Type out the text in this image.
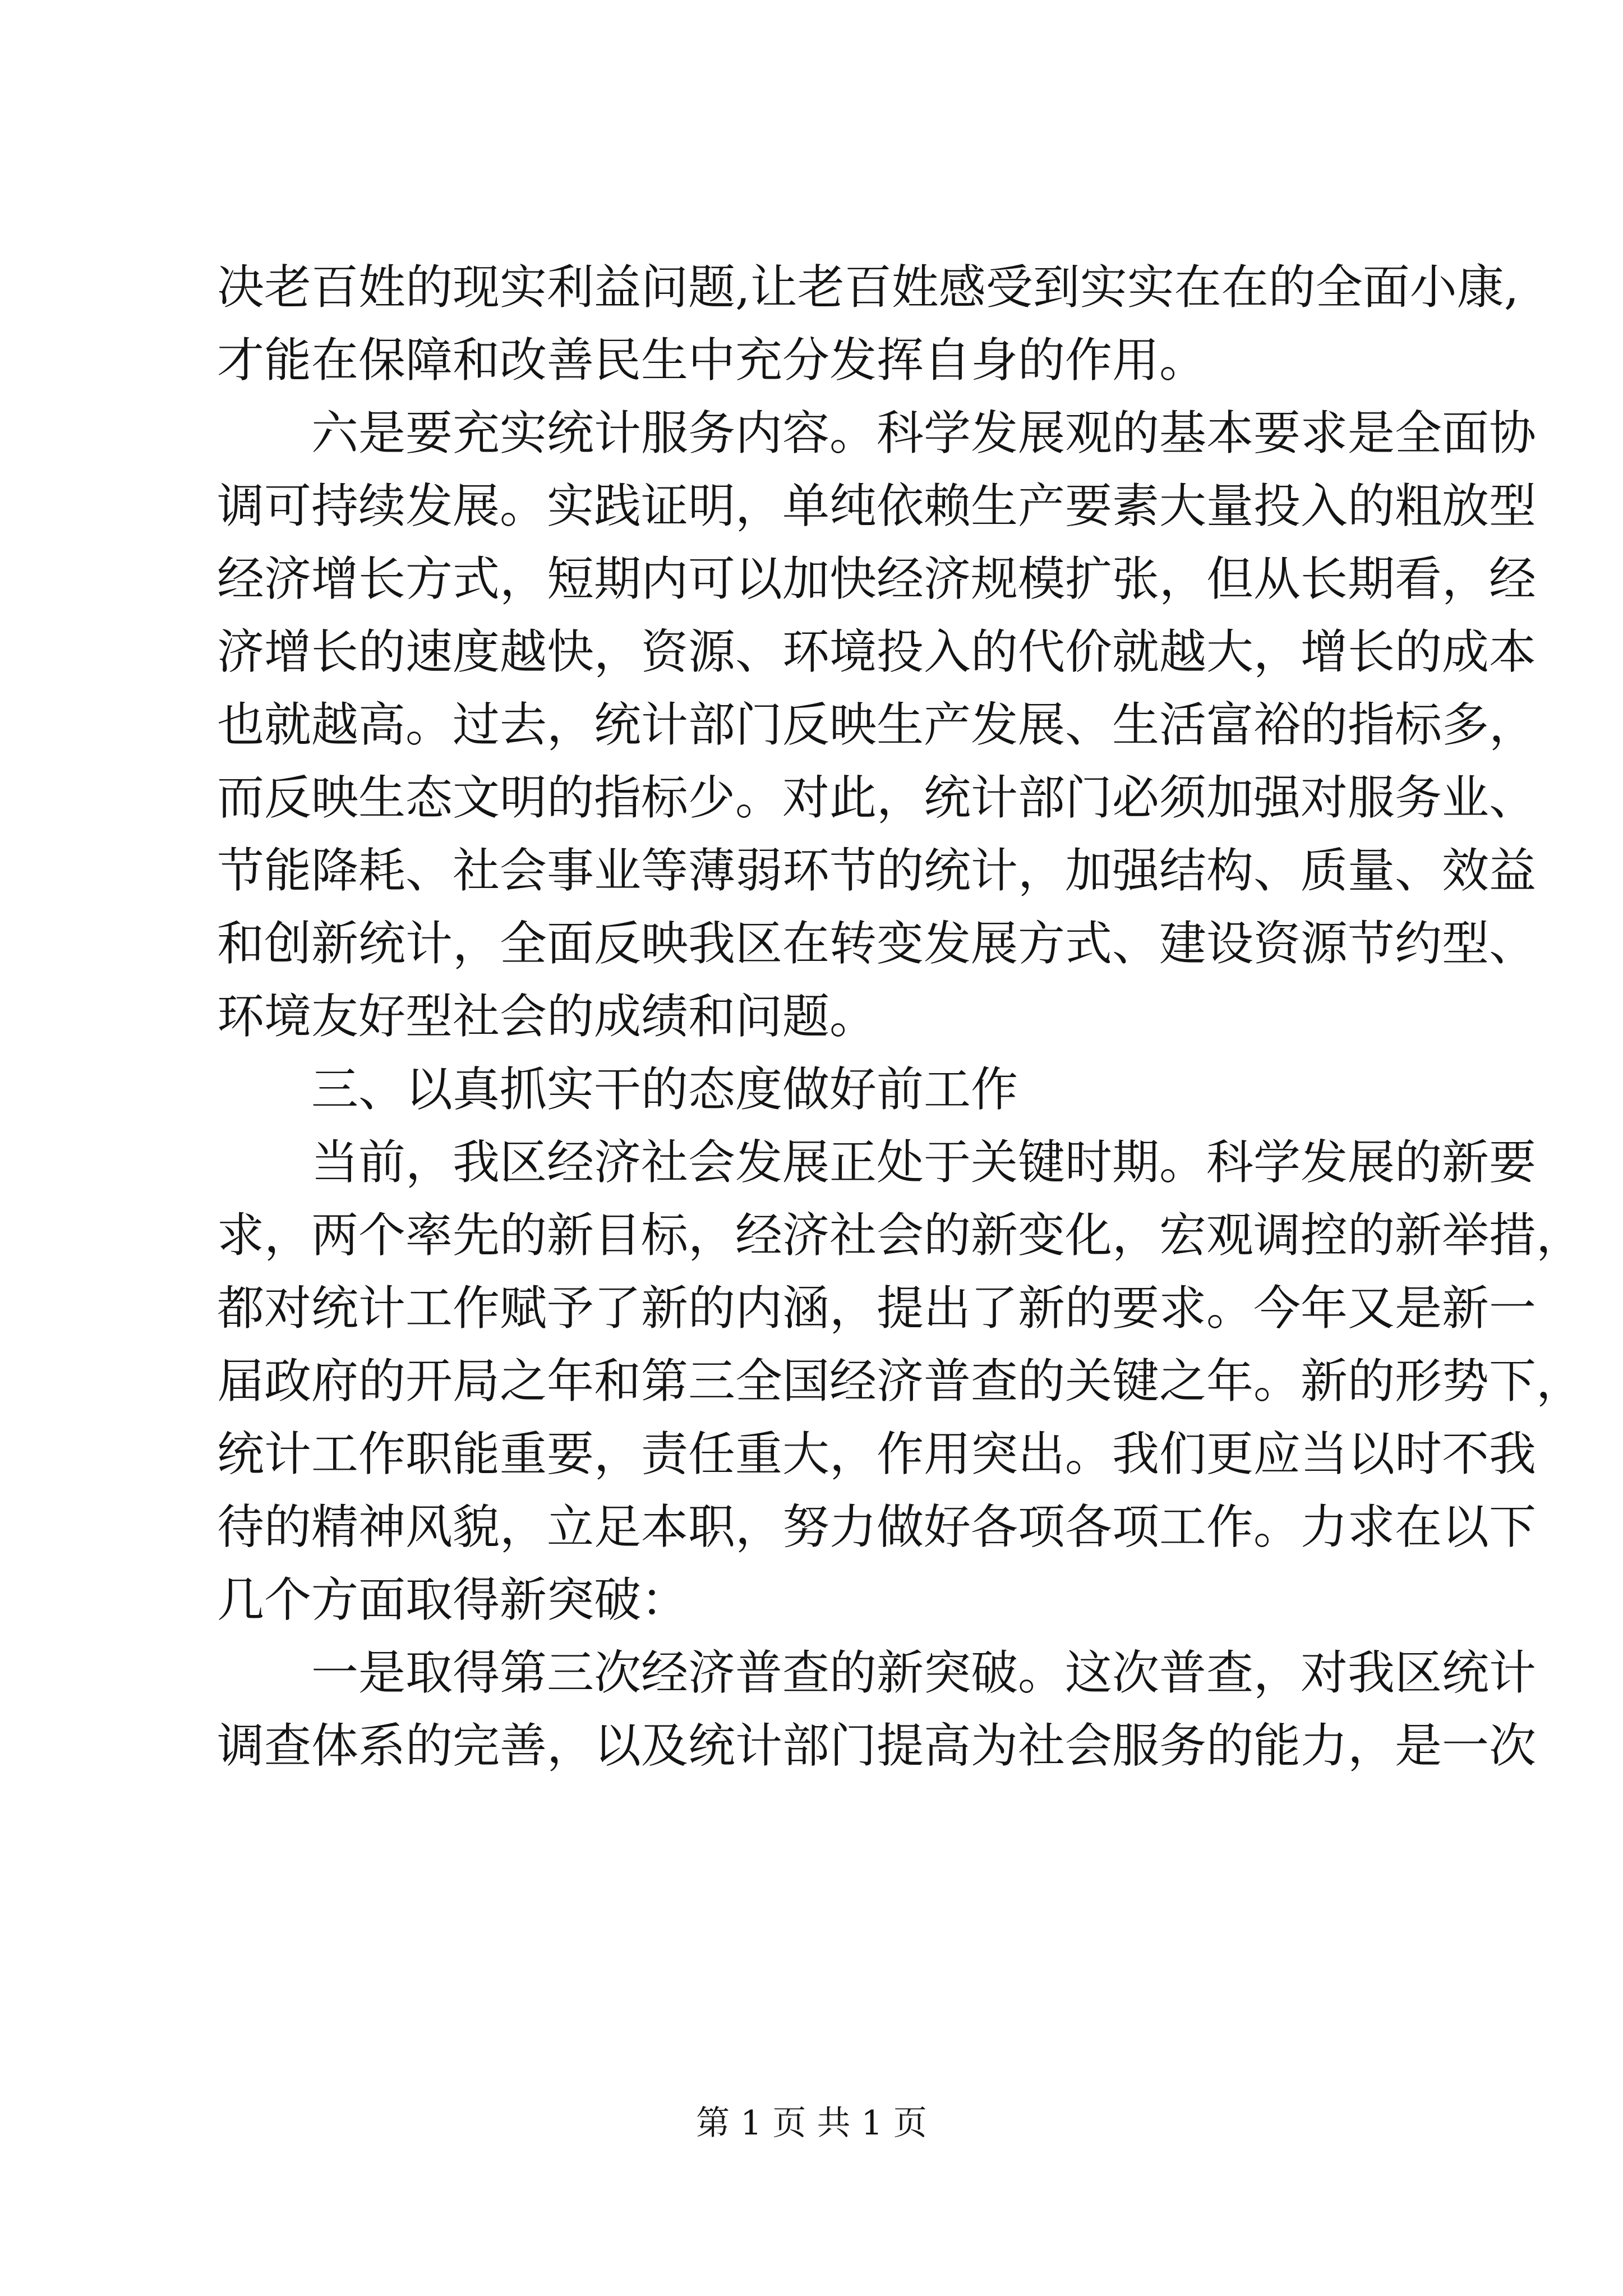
决老百姓的现实利益问题,让老百姓感受到实实在在的全面小康,
才能在保障和改善民生中充分发挥自身的作用。
六是要充实统计服务内容。科学发展观的基本要求是全面协
调可持续发展。实践证明，单纯依赖生产要素大量投入的粗放型
经济增长方式，短期内可以加快经济规模扩张，但从长期看，经
济增长的速度越快，资源、环境投入的代价就越大，增长的成本
也就越高。过去，统计部门反映生产发展、生活富裕的指标多，
而反映生态文明的指标少。对此，统计部门必须加强对服务业、
节能降耗、社会事业等薄弱环节的统计，加强结构、质量、效益
和创新统计，全面反映我区在转变发展方式、建设资源节约型、
环境友好型社会的成绩和问题。
三、以真抓实干的态度做好前工作
当前，我区经济社会发展正处于关键时期。科学发展的新要
求，两个率先的新目标，经济社会的新变化，宏观调控的新举措，
都对统计工作赋予了新的内涵，提出了新的要求。今年又是新一
届政府的开局之年和第三全国经济普查的关键之年。新的形势下，
统计工作职能重要，责任重大，作用突出。我们更应当以时不我
待的精神风貌，立足本职，努力做好各项各项工作。力求在以下
几个方面取得新突破：
一是取得第三次经济普查的新突破。这次普查，对我区统计
调查体系的完善，以及统计部门提高为社会服务的能力，是一次
第 1 页 共 1 页
